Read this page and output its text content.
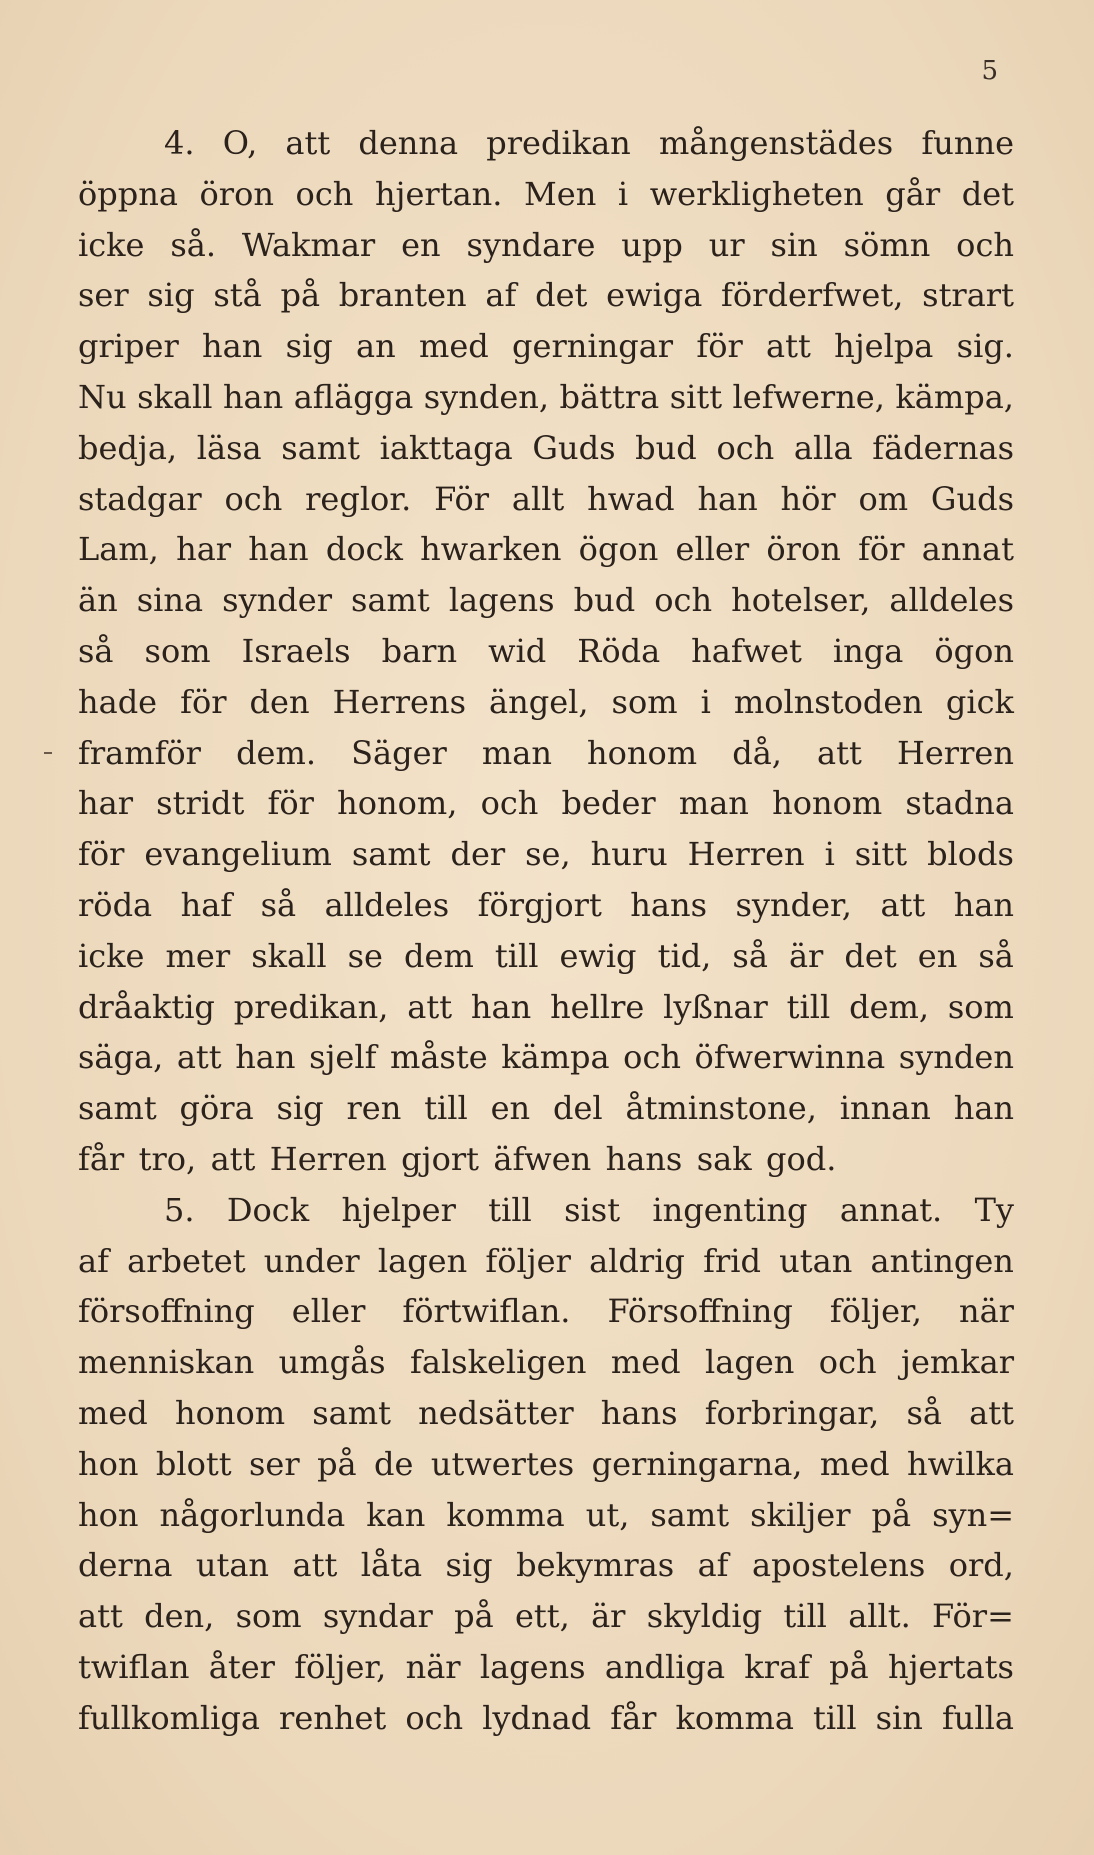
5
4. O, att denna predikan mångenstädes funne
öppna öron och hjertan. Men i werkligheten går det
icke så. Wakmar en syndare upp ur sin sömn och
ser sig stå på branten af det ewiga förderfwet, strart
griper han sig an med gerningar för att hjelpa sig.
Nu skall han aflägga synden, bättra sitt lefwerne, kämpa,
bedja, läsa samt iakttaga Guds bud och alla fädernas
stadgar och reglor. För allt hwad han hör om Guds
Lam, har han dock hwarken ögon eller öron för annat
än sina synder samt lagens bud och hotelser, alldeles
så som Israels barn wid Röda hafwet inga ögon
hade för den Herrens ängel, som i molnstoden gick
framför dem. Säger man honom då, att Herren
har stridt för honom, och beder man honom stadna
för evangelium samt der se, huru Herren i sitt blods
röda haf så alldeles förgjort hans synder, att han
icke mer skall se dem till ewig tid, så är det en så
dråaktig predikan, att han hellre lyßnar till dem, som
säga, att han sjelf måste kämpa och öfwerwinna synden
samt göra sig ren till en del åtminstone, innan han
får tro, att Herren gjort äfwen hans sak god.
5. Dock hjelper till sist ingenting annat. Ty
af arbetet under lagen följer aldrig frid utan antingen
försoffning eller förtwiflan. Försoffning följer, när
menniskan umgås falskeligen med lagen och jemkar
med honom samt nedsätter hans forbringar, så att
hon blott ser på de utwertes gerningarna, med hwilka
hon någorlunda kan komma ut, samt skiljer på syn=
derna utan att låta sig bekymras af apostelens ord,
att den, som syndar på ett, är skyldig till allt. För=
twiflan åter följer, när lagens andliga kraf på hjertats
fullkomliga renhet och lydnad får komma till sin fulla
